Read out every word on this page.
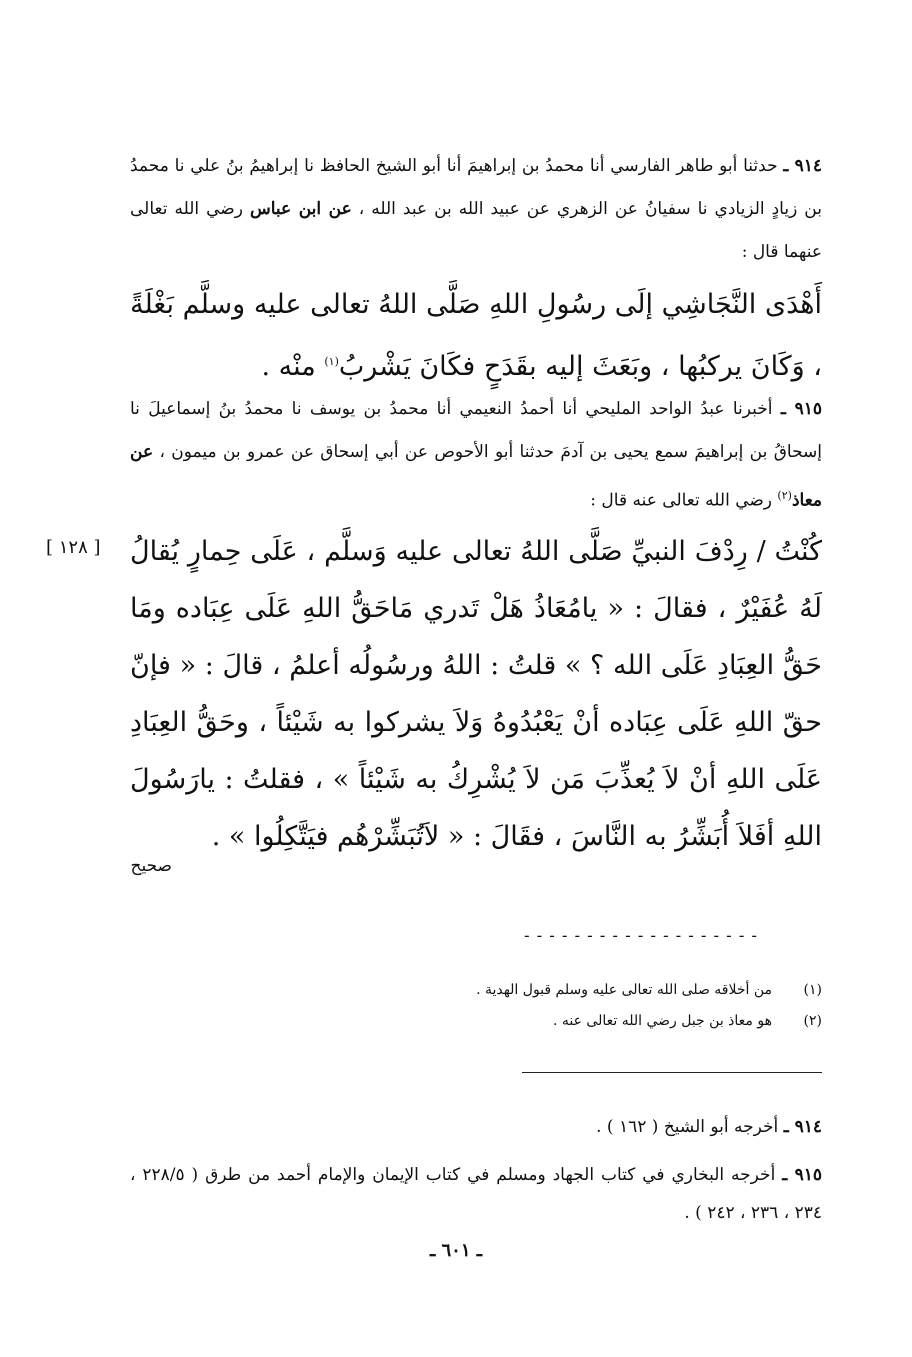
٩١٤ ـ حدثنا أبو طاهر الفارسي أنا محمدُ بن إبراهيمَ أنا أبو الشيخ الحافظ نا إبراهيمُ بنُ علي نا محمدُ بن زيادٍ الزيادي نا سفيانُ عن الزهري عن عبيد الله بن عبد الله ، عن ابن عباس رضي الله تعالى عنهما قال :
أَهْدَى النَّجَاشِي إلَى رسُولِ اللهِ صَلَّى اللهُ تعالى عليه وسلَّم بَغْلَةً ، وَكَانَ يركبُها ، وبَعَثَ إليه بقَدَحٍ فكَانَ يَشْربُ$^{(١)}$ منْه .
٩١٥ ـ أخبرنا عبدُ الواحد المليحي أنا أحمدُ النعيمي أنا محمدُ بن يوسف نا محمدُ بنُ إسماعيلَ نا إسحاقُ بن إبراهيمَ سمع يحيى بن آدمَ حدثنا أبو الأحوص عن أبي إسحاق عن عمرو بن ميمون ، عن معاذ$^{(٢)}$ رضي الله تعالى عنه قال :
[ ١٢٨ ] كُنْتُ / رِدْفَ النبيِّ صَلَّى اللهُ تعالى عليه وَسلَّم ، عَلَى حِمارٍ يُقالُ لَهُ عُفَيْرٌ ، فقالَ : « يامُعَاذُ هَلْ تَدري مَاحَقُّ اللهِ عَلَى عِبَاده ومَا حَقُّ العِبَادِ عَلَى الله ؟ » قلتُ : اللهُ ورسُولُه أعلمُ ، قالَ : « فإنّ حقّ اللهِ عَلَى عِبَاده أنْ يَعْبُدُوهُ وَلاَ يشركوا به شَيْئاً ، وحَقُّ العِبَادِ عَلَى اللهِ أنْ لاَ يُعذِّبَ مَن لاَ يُشْرِكُ به شَيْئاً » ، فقلتُ : يارَسُولَ اللهِ أفَلاَ أُبَشِّرُ به النَّاسَ ، فقَالَ : « لاَتُبَشِّرْهُم فيَتَّكِلُوا » .
صحيح
-------------------
(١)
من أخلاقه صلى الله تعالى عليه وسلم قبول الهدية .
(٢)
هو معاذ بن جبل رضي الله تعالى عنه .
٩١٤ ـ أخرجه أبو الشيخ ( ١٦٢ ) .
٩١٥ ـ أخرجه البخاري في كتاب الجهاد ومسلم في كتاب الإيمان والإمام أحمد من طرق ( ٢٢٨/٥ ، ٢٣٤ ، ٢٣٦ ، ٢٤٢ ) .
ـ ٦٠١ ـ
